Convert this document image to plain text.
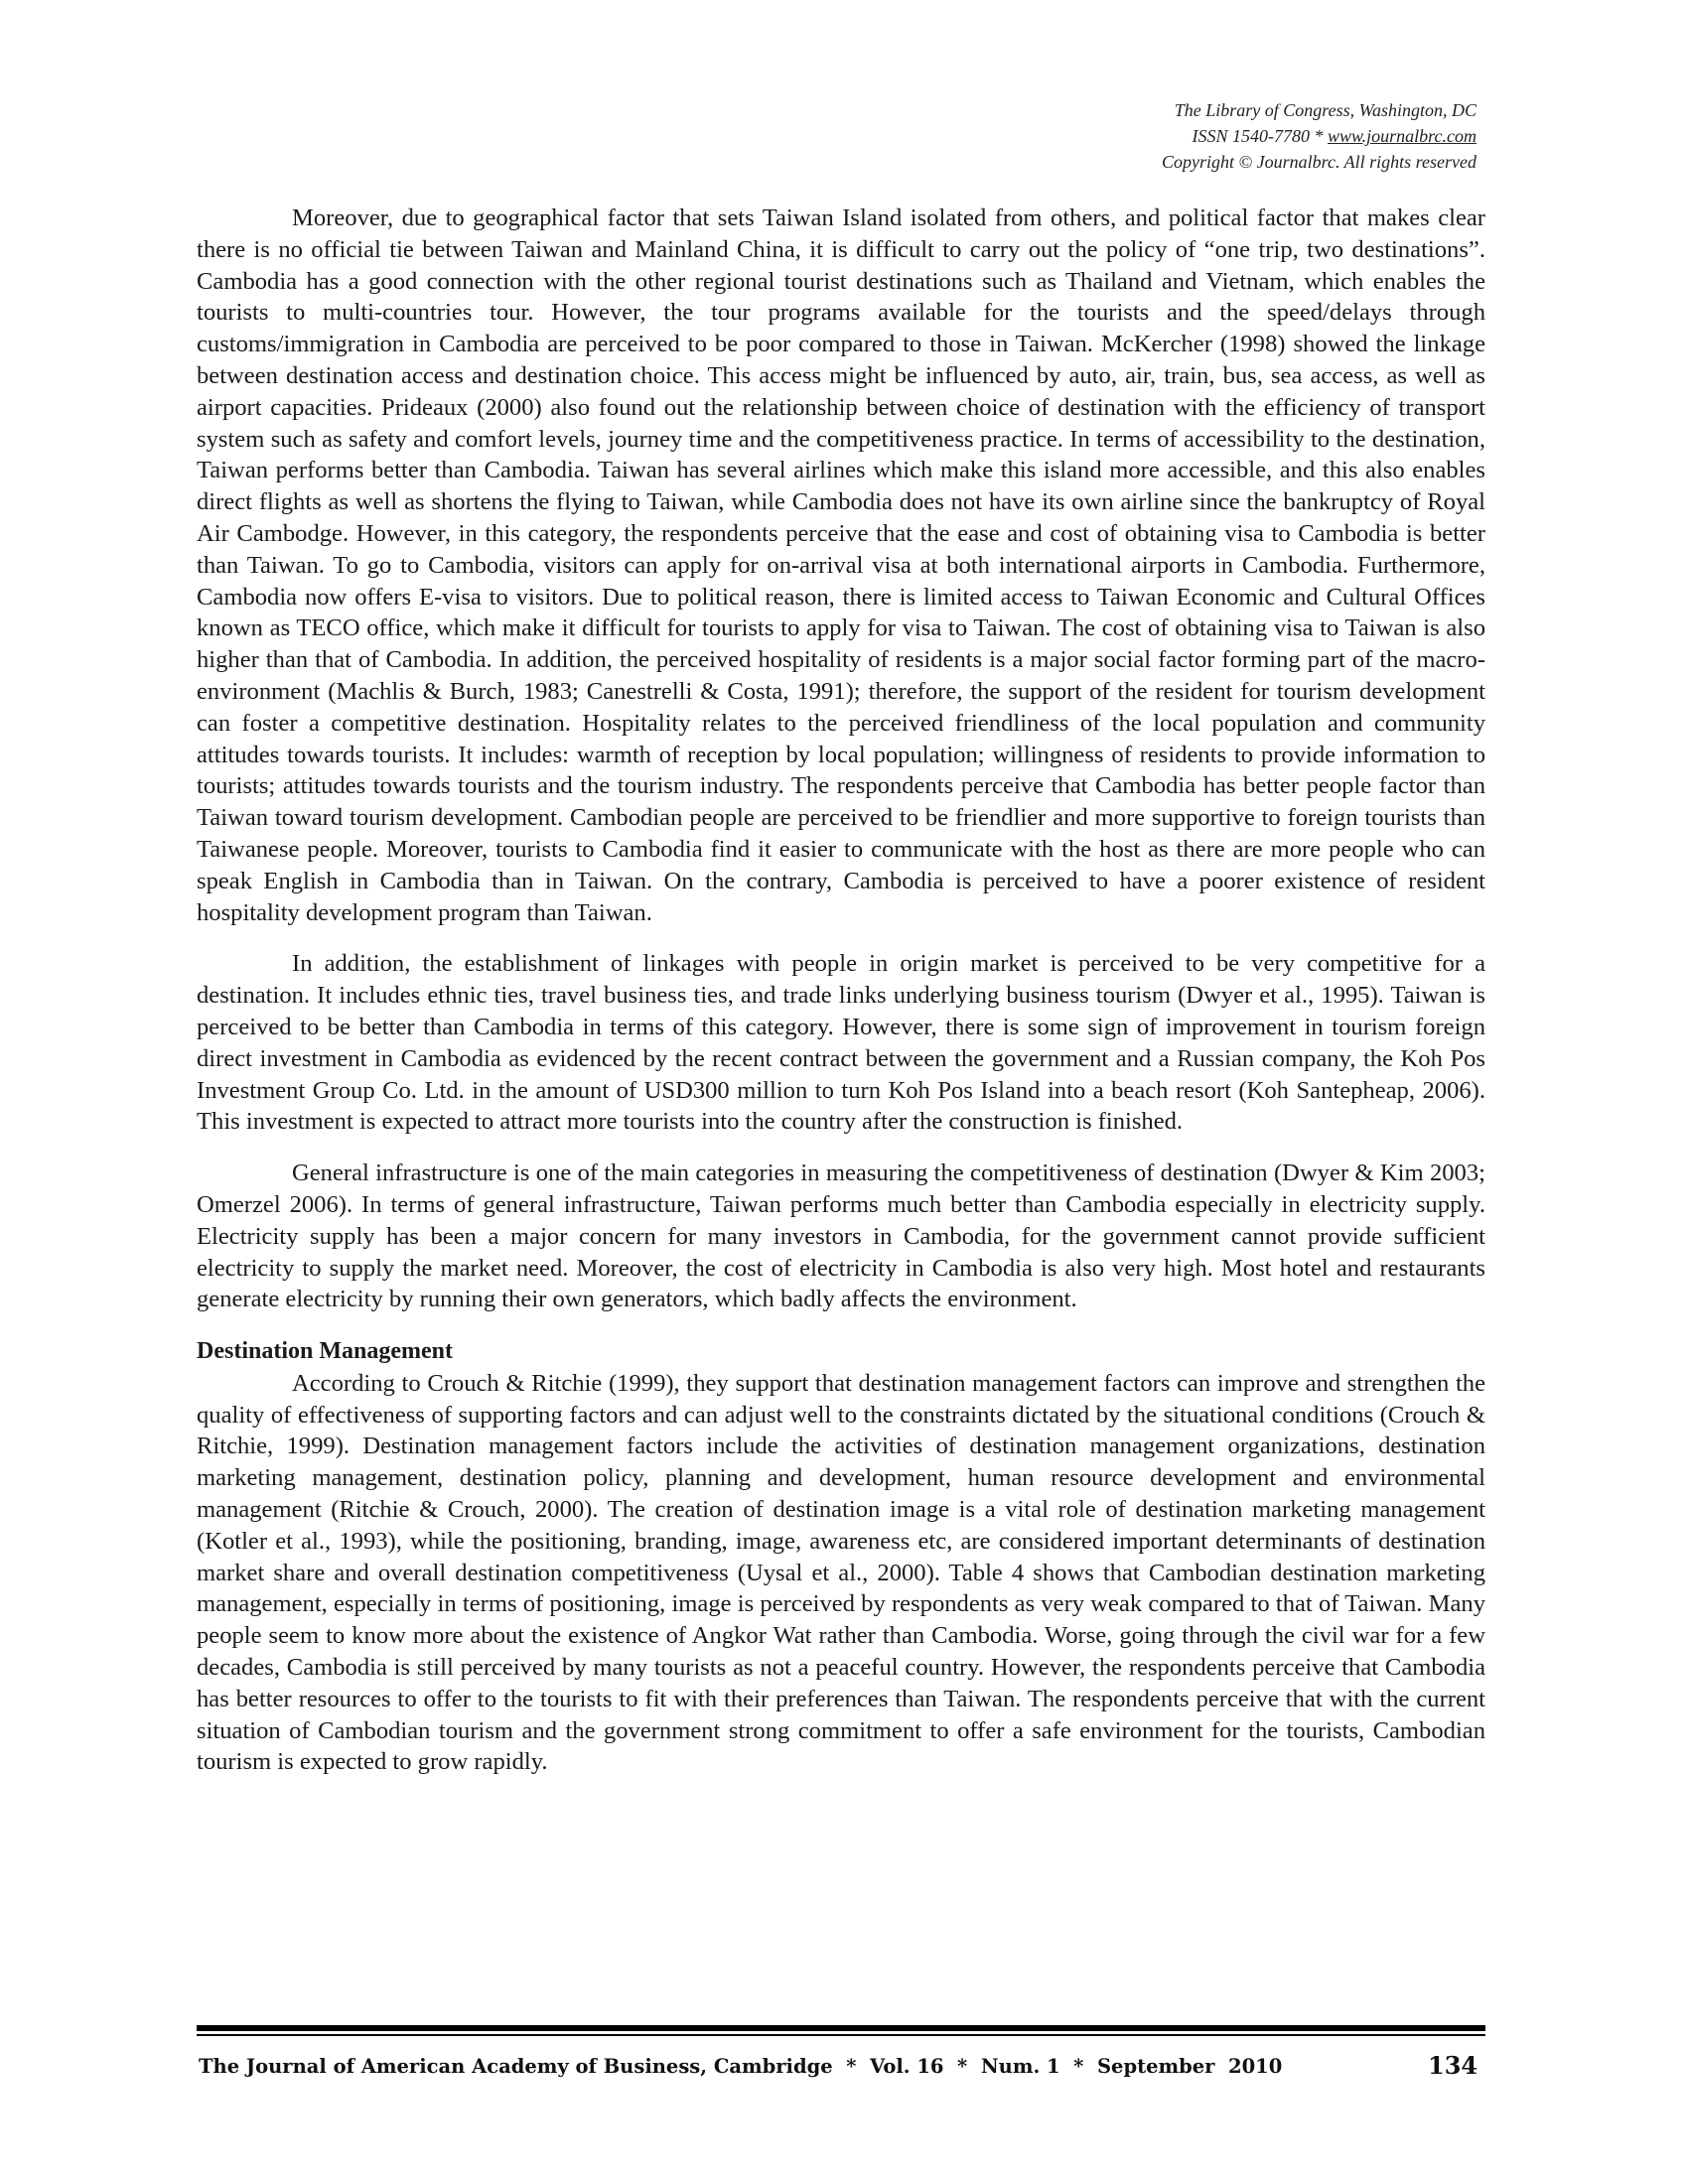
The Library of Congress, Washington, DC
ISSN 1540-7780 * www.journalbrc.com
Copyright © Journalbrc. All rights reserved

Moreover, due to geographical factor that sets Taiwan Island isolated from others, and political factor that makes clear there is no official tie between Taiwan and Mainland China, it is difficult to carry out the policy of “one trip, two destinations”. Cambodia has a good connection with the other regional tourist destinations such as Thailand and Vietnam, which enables the tourists to multi-countries tour. However, the tour programs available for the tourists and the speed/delays through customs/immigration in Cambodia are perceived to be poor compared to those in Taiwan. McKercher (1998) showed the linkage between destination access and destination choice. This access might be influenced by auto, air, train, bus, sea access, as well as airport capacities. Prideaux (2000) also found out the relationship between choice of destination with the efficiency of transport system such as safety and comfort levels, journey time and the competitiveness practice. In terms of accessibility to the destination, Taiwan performs better than Cambodia. Taiwan has several airlines which make this island more accessible, and this also enables direct flights as well as shortens the flying to Taiwan, while Cambodia does not have its own airline since the bankruptcy of Royal Air Cambodge. However, in this category, the respondents perceive that the ease and cost of obtaining visa to Cambodia is better than Taiwan. To go to Cambodia, visitors can apply for on-arrival visa at both international airports in Cambodia. Furthermore, Cambodia now offers E-visa to visitors. Due to political reason, there is limited access to Taiwan Economic and Cultural Offices known as TECO office, which make it difficult for tourists to apply for visa to Taiwan. The cost of obtaining visa to Taiwan is also higher than that of Cambodia. In addition, the perceived hospitality of residents is a major social factor forming part of the macro-environment (Machlis & Burch, 1983; Canestrelli & Costa, 1991); therefore, the support of the resident for tourism development can foster a competitive destination. Hospitality relates to the perceived friendliness of the local population and community attitudes towards tourists. It includes: warmth of reception by local population; willingness of residents to provide information to tourists; attitudes towards tourists and the tourism industry. The respondents perceive that Cambodia has better people factor than Taiwan toward tourism development. Cambodian people are perceived to be friendlier and more supportive to foreign tourists than Taiwanese people. Moreover, tourists to Cambodia find it easier to communicate with the host as there are more people who can speak English in Cambodia than in Taiwan. On the contrary, Cambodia is perceived to have a poorer existence of resident hospitality development program than Taiwan.

In addition, the establishment of linkages with people in origin market is perceived to be very competitive for a destination. It includes ethnic ties, travel business ties, and trade links underlying business tourism (Dwyer et al., 1995). Taiwan is perceived to be better than Cambodia in terms of this category. However, there is some sign of improvement in tourism foreign direct investment in Cambodia as evidenced by the recent contract between the government and a Russian company, the Koh Pos Investment Group Co. Ltd. in the amount of USD300 million to turn Koh Pos Island into a beach resort (Koh Santepheap, 2006). This investment is expected to attract more tourists into the country after the construction is finished.

General infrastructure is one of the main categories in measuring the competitiveness of destination (Dwyer & Kim 2003; Omerzel 2006). In terms of general infrastructure, Taiwan performs much better than Cambodia especially in electricity supply. Electricity supply has been a major concern for many investors in Cambodia, for the government cannot provide sufficient electricity to supply the market need. Moreover, the cost of electricity in Cambodia is also very high. Most hotel and restaurants generate electricity by running their own generators, which badly affects the environment.

Destination Management

According to Crouch & Ritchie (1999), they support that destination management factors can improve and strengthen the quality of effectiveness of supporting factors and can adjust well to the constraints dictated by the situational conditions (Crouch & Ritchie, 1999). Destination management factors include the activities of destination management organizations, destination marketing management, destination policy, planning and development, human resource development and environmental management (Ritchie & Crouch, 2000). The creation of destination image is a vital role of destination marketing management (Kotler et al., 1993), while the positioning, branding, image, awareness etc, are considered important determinants of destination market share and overall destination competitiveness (Uysal et al., 2000). Table 4 shows that Cambodian destination marketing management, especially in terms of positioning, image is perceived by respondents as very weak compared to that of Taiwan. Many people seem to know more about the existence of Angkor Wat rather than Cambodia. Worse, going through the civil war for a few decades, Cambodia is still perceived by many tourists as not a peaceful country. However, the respondents perceive that Cambodia has better resources to offer to the tourists to fit with their preferences than Taiwan. The respondents perceive that with the current situation of Cambodian tourism and the government strong commitment to offer a safe environment for the tourists, Cambodian tourism is expected to grow rapidly.

The Journal of American Academy of Business, Cambridge  *  Vol. 16  *  Num. 1  *  September  2010	134
